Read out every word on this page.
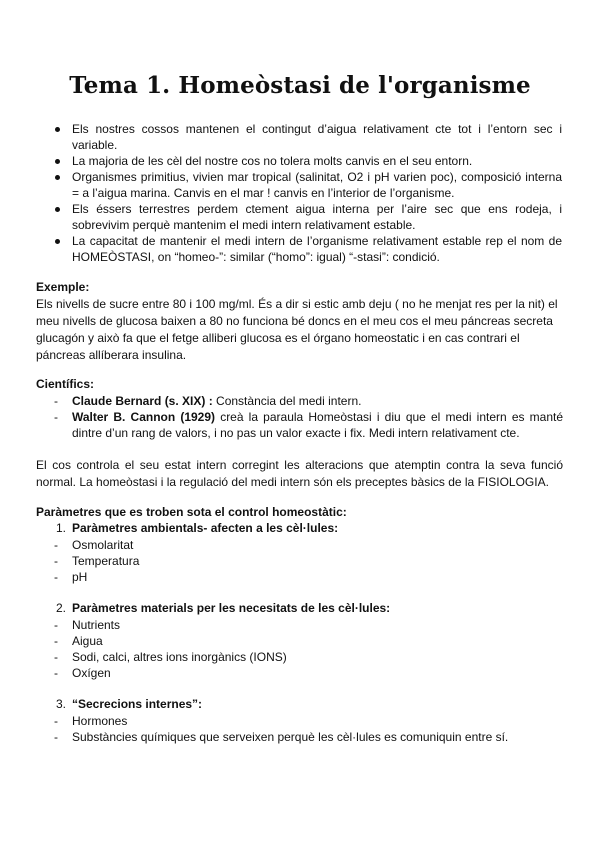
Tema 1. Homeòstasi de l'organisme
Els nostres cossos mantenen el contingut d’aigua relativament cte tot i l’entorn sec i variable.
La majoria de les cèl del nostre cos no tolera molts canvis en el seu entorn.
Organismes primitius, vivien mar tropical (salinitat, O2 i pH varien poc), composició interna = a l’aigua marina. Canvis en el mar ! canvis en l’interior de l’organisme.
Els éssers terrestres perdem ctement aigua interna per l’aire sec que ens rodeja, i sobrevivim perquè mantenim el medi intern relativament estable.
La capacitat de mantenir el medi intern de l’organisme relativament estable rep el nom de HOMEÒSTASI, on “homeo-”: similar (“homo”: igual) “-stasi”: condició.
Exemple:
Els nivells de sucre entre 80 i 100 mg/ml. És a dir si estic amb deju ( no he menjat res per la nit) el
meu nivells de glucosa baixen a 80 no funciona bé doncs en el meu cos el meu páncreas secreta
glucagón y això fa que el fetge alliberi glucosa es el órgano homeostatic i en cas contrari el
páncreas allíberara insulina.
Científics:
- Claude Bernard (s. XIX) : Constància del medi intern.
- Walter B. Cannon (1929) creà la paraula Homeòstasi i diu que el medi intern es manté dintre d’un rang de valors, i no pas un valor exacte i fix. Medi intern relativament cte.
El cos controla el seu estat intern corregint les alteracions que atemptin contra la seva funció
normal. La homeòstasi i la regulació del medi intern són els preceptes bàsics de la FISIOLOGIA.
Paràmetres que es troben sota el control homeostàtic:
1. Paràmetres ambientals- afecten a les cèl·lules:
- Osmolaritat
- Temperatura
- pH
2. Paràmetres materials per les necesitats de les cèl·lules:
- Nutrients
- Aigua
- Sodi, calci, altres ions inorgànics (IONS)
- Oxígen
3. “Secrecions internes”:
- Hormones
- Substàncies químiques que serveixen perquè les cèl·lules es comuniquin entre sí.
